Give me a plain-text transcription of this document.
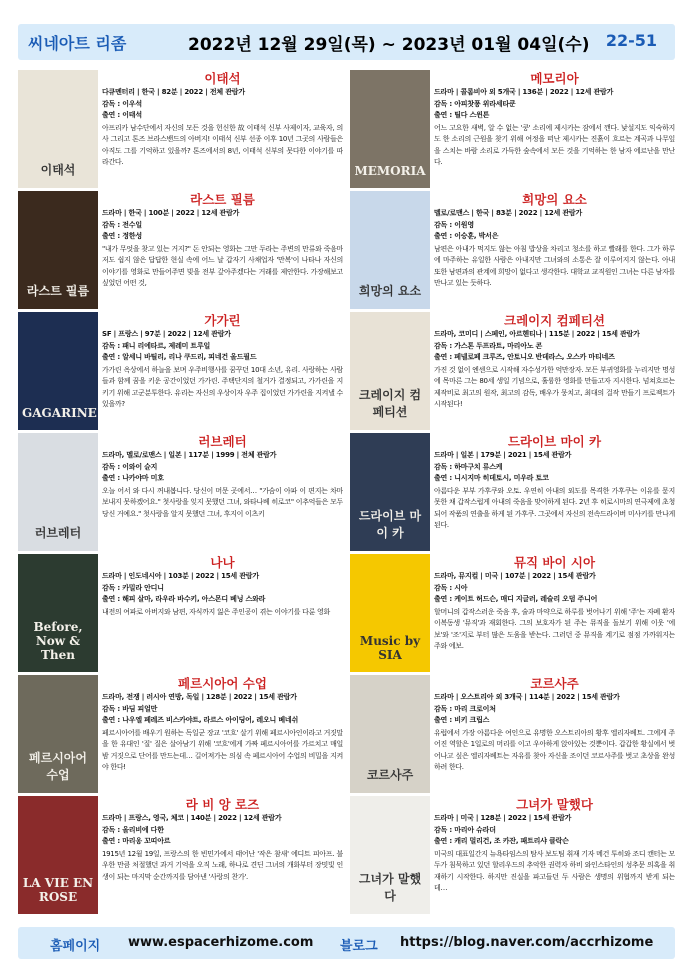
씨네아트 리좀	2022년 12월 29일(목) ~ 2023년 01월 04일(수) 22-51
이태석
이태석
다큐멘터리 | 한국 | 82분 | 2022 | 전체 관람가
감독 : 이우석
출연 : 이태석
아프리카 남수단에서 자신의 모든 것을 헌신한 故 이태석 신부 사제이자, 교육자, 의사 그리고 톤즈 브라스밴드의 아버지! 이태석 신부 선종 이후 10년 그곳의 사람들은 아직도 그를 기억하고 있을까? 톤즈에서의 8년, 이태석 신부의 못다한 이야기를 따라간다.
라스트 필름
라스트 필름
드라마 | 한국 | 100분 | 2022 | 12세 관람가
감독 : 전수일
출연 : 정한성
"내가 무엇을 찾고 있는 거지?" 돈 안되는 영화는 그만 두라는 주변의 만류와 죽음마저도 쉽지 않은 답답한 현실 속에 어느 날 갑자기 사채업자 '만복'이 나타나 자신의 이야기를 영화로 만들어주면 빚을 전부 갚아주겠다는 거래를 제안한다. 가장해보고 싶었던 어떤 것,
GAGARINE
가가린
SF | 프랑스 | 97분 | 2022 | 12세 관람가
감독 : 패니 리에타르, 제레미 트루일
출연 : 알세니 바틸리, 리나 쿠드리, 피네건 올드필드
가가린 옥상에서 하늘을 보며 우주비행사를 꿈꾸던 10대 소년, 유리. 사랑하는 사람들과 함께 꿈을 키운 공간이었던 가가린. 주택단지의 철거가 결정되고, 가가린을 지키기 위해 고군분투한다. 유리는 자신의 우상이자 우주 집이었던 가가린을 지켜낼 수 있을까?
러브레터
러브레터
드라마, 멜로/로맨스 | 일본 | 117분 | 1999 | 전체 관람가
감독 : 이와이 슌지
출연 : 나카야마 미호
오늘 어서 와 다시 꺼내봅니다. 당신이 머문 곳에서… "가슴이 아파 이 편지는 차마 보내지 못하겠어요." 첫사랑을 잊지 못했던 그녀, 와타나베 히로코" 이추억들은 모두 당신 거예요." 첫사랑을 알지 못했던 그녀, 후지이 이츠키
Before, Now & Then
나나
드라마 | 인도네시아 | 103분 | 2022 | 15세 관람가
감독 : 카밀라 안디니
출연 : 해피 살마, 라우라 바수키, 아스몬디 베닝 스와라
내전의 여파로 아버지와 남편, 자식까지 잃은 주인공이 겪는 이야기를 다룬 영화
페르시아어 수업
페르시아어 수업
드라마, 전쟁 | 러시아 연방, 독일 | 128분 | 2022 | 15세 관람가
감독 : 바딤 피얼만
출연 : 나우엘 페레즈 비스카야트, 라르스 아이딩어, 레오니 베네쉬
페르시아어를 배우기 원하는 독일군 장교 '코흐' 살기 위해 페르시아인이라고 거짓말을 한 유대인 '질' 질은 살아남기 위해 '코흐'에게 가짜 페르시아어를 가르치고 매일 밤 거짓으로 단어를 만드는데… 길어져가는 의심 속 페르시아어 수업의 비밀을 지켜야 한다!
LA VIE EN ROSE
라 비 앙 로즈
드라마 | 프랑스, 영국, 체코 | 140분 | 2022 | 12세 관람가
감독 : 올리비에 다한
출연 : 마리옹 꼬띠아르
1915년 12월 19일, 프랑스의 한 빈민가에서 태어난 '작은 참새' 에디트 피아프. 불우한 만큼 처절했던 과거 기억을 오직 노래, 하나로 견딘 그녀의 개화부터 장밋빛 인생이 되는 마지막 순간까지를 담아낸 '사랑의 찬가'.
MEMORIA
메모리아
드라마 | 콜롬비아 외 5개국 | 136분 | 2022 | 12세 관람가
감독 : 아피찻퐁 위라세타쿤
출연 : 틸다 스윈튼
어느 고요한 새벽, 알 수 없는 '쿵' 소리에 제시카는 잠에서 깬다. 낯설지도 익숙하지도 한 소리의 근원을 찾기 위해 여정을 떠난 제시카는 진흙이 흐르는 계곡과 나무잎을 스치는 바람 소리로 가득한 숲속에서 모든 것을 기억하는 한 남자 에르난을 만난다.
희망의 요소
희망의 요소
멜로/로맨스 | 한국 | 83분 | 2022 | 12세 관람가
감독 : 이원영
출연 : 이승훈, 박서은
남편은 아내가 먹지도 않는 아침 밥상을 차리고 청소를 하고 빨래를 한다. 그가 하루에 마주하는 유일한 사람은 아내지만 그녀와의 소통은 잘 이루어지지 않는다. 아내 또한 남편과의 관계에 희망이 없다고 생각한다. 대학교 교직원인 그녀는 다른 남자를 만나고 있는 듯하다.
크레이지 컴페티션
크레이지 컴페티션
드라마, 코미디 | 스페인, 아르헨티나 | 115분 | 2022 | 15세 관람가
감독 : 가스톤 두프라트, 마리아노 콘
출연 : 페넬로페 크루즈, 안토니오 반데라스, 오스카 마티네즈
가진 것 없이 엔센으로 시작해 자수성가한 억만장자. 모든 부귀영화를 누리지만 명성에 목마른 그는 80세 생일 기념으로, 훌륭한 영화를 만들고자 지시한다. 넘쳐흐르는 제작비로 최고의 원작, 최고의 감독, 배우가 뭉치고, 최대의 걸작 만들기 프로젝트가 시작된다!
드라이브 마이 카
드라이브 마이 카
드라마 | 일본 | 179분 | 2021 | 15세 관람가
감독 : 하마구치 류스케
출연 : 니시지마 히데토시, 미우라 토코
아름다운 부부 가후쿠와 오토. 우연히 아내의 외도를 목격한 가후쿠는 이유를 묻지 못한 채 갑작스럽게 아내의 죽음을 맞이하게 된다. 2년 후 히로시마의 연극제에 초청되어 작품의 연출을 하게 된 가후쿠. 그곳에서 자신의 전속드라이버 미사키를 만나게 된다.
Music by SIA
뮤직 바이 시아
드라마, 뮤지컬 | 미국 | 107분 | 2022 | 15세 관람가
감독 : 시아
출연 : 케이트 허드슨, 매디 지글러, 레슬리 오덤 주니어
할머니의 갑작스러운 죽음 후, 술과 마약으로 하루를 벗어나기 위해 '주'는 자폐 환자 이복동생 '뮤직'과 재회한다. 그의 보호자가 된 주는 뮤직을 돌보기 위해 이웃 '에보'와 '조'지로 부터 많은 도움을 받는다. 그러던 중 뮤직을 계기로 점점 가까워지는 주와 에보.
코르사주
코르사주
드라마 | 오스트리아 외 3개국 | 114분 | 2022 | 15세 관람가
감독 : 마리 크로이처
출연 : 비키 크립스
유럽에서 가장 아름다운 여인으로 유명한 오스트리아의 황후 엘리자베트. 그에게 주어진 역할은 1일로의 머리를 이고 우아하게 앉아있는 것뿐이다. 갑갑한 황실에서 벗어나고 싶은 엘리자베트는 자유를 찾아 자신을 조이던 코르사주를 벗고 초상을 완성하려 한다.
그녀가 말했다
그녀가 말했다
드라마 | 미국 | 128분 | 2022 | 15세 관람가
감독 : 마리아 슈라더
출연 : 캐리 멀리건, 조 카잔, 패트리샤 클락슨
미국의 대표일간지 뉴욕타임스의 탐사 보도팀 취재 기자 메건 투히와 조디 캔터는 모두가 침묵하고 있던 할리우드의 추악한 권력자 하비 와인스타인의 성추문 의혹을 취재하기 시작한다. 하지만 진실을 파고들던 두 사람은 생명의 위협까지 받게 되는데…
홈페이지 www.espacerhizome.com 블로그 https://blog.naver.com/accrhizome
